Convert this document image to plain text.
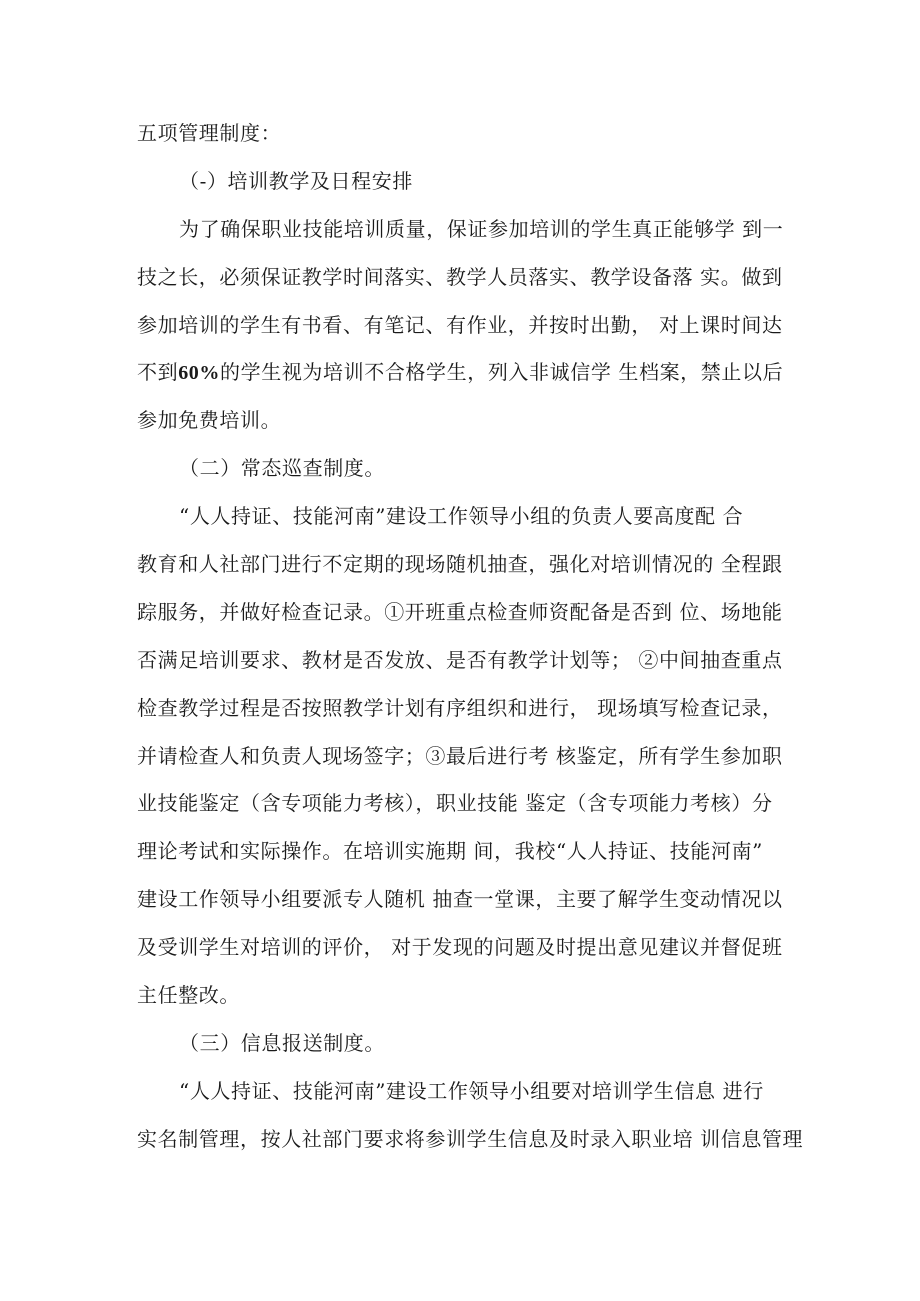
五项管理制度：
（-）培训教学及日程安排
为了确保职业技能培训质量，保证参加培训的学生真正能够学 到一
技之长，必须保证教学时间落实、教学人员落实、教学设备落 实。做到
参加培训的学生有书看、有笔记、有作业，并按时出勤， 对上课时间达
不到60%的学生视为培训不合格学生，列入非诚信学 生档案，禁止以后
参加免费培训。
（二）常态巡查制度。
“人人持证、技能河南”建设工作领导小组的负责人要高度配 合
教育和人社部门进行不定期的现场随机抽查，强化对培训情况的 全程跟
踪服务，并做好检查记录。①开班重点检查师资配备是否到 位、场地能
否满足培训要求、教材是否发放、是否有教学计划等； ②中间抽查重点
检查教学过程是否按照教学计划有序组织和进行， 现场填写检查记录，
并请检查人和负责人现场签字；③最后进行考 核鉴定，所有学生参加职
业技能鉴定（含专项能力考核），职业技能 鉴定（含专项能力考核）分
理论考试和实际操作。在培训实施期 间，我校“人人持证、技能河南”
建设工作领导小组要派专人随机 抽查一堂课，主要了解学生变动情况以
及受训学生对培训的评价， 对于发现的问题及时提出意见建议并督促班
主任整改。
（三）信息报送制度。
“人人持证、技能河南”建设工作领导小组要对培训学生信息 进行
实名制管理，按人社部门要求将参训学生信息及时录入职业培 训信息管理
